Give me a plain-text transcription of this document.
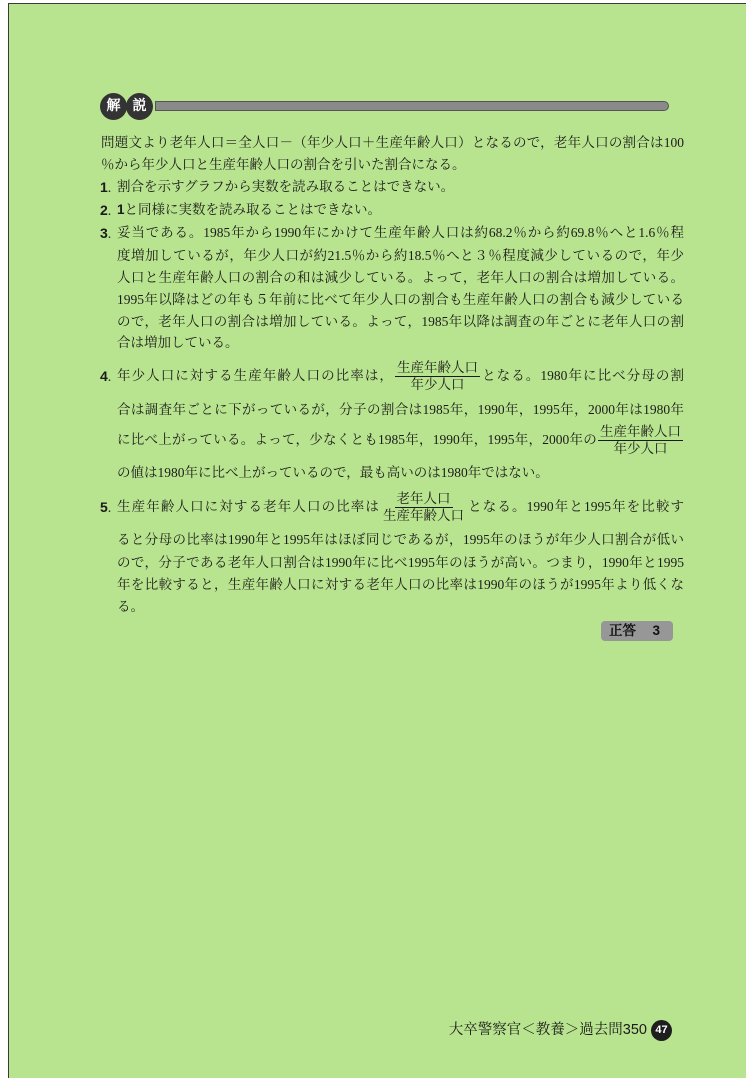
解 説
問題文より老年人口＝全人口－（年少人口＋生産年齢人口）となるので，老年人口の割合は100
％から年少人口と生産年齢人口の割合を引いた割合になる。
1. 割合を示すグラフから実数を読み取ることはできない。
2. 1と同様に実数を読み取ることはできない。
3. 妥当である。1985年から1990年にかけて生産年齢人口は約68.2％から約69.8％へと1.6％程
度増加しているが，年少人口が約21.5％から約18.5％へと３％程度減少しているので，年少
人口と生産年齢人口の割合の和は減少している。よって，老年人口の割合は増加している。
1995年以降はどの年も５年前に比べて年少人口の割合も生産年齢人口の割合も減少している
ので，老年人口の割合は増加している。よって，1985年以降は調査の年ごとに老年人口の割
合は増加している。
4. 年少人口に対する生産年齢人口の比率は， $\frac{\text{生産年齢人口}}{\text{年少人口}}$ となる。1980年に比べ分母の割
合は調査年ごとに下がっているが，分子の割合は1985年，1990年，1995年，2000年は1980年
に比べ上がっている。よって，少なくとも1985年，1990年，1995年，2000年の $\frac{\text{生産年齢人口}}{\text{年少人口}}$
の値は1980年に比べ上がっているので，最も高いのは1980年ではない。
5. 生産年齢人口に対する老年人口の比率は $\frac{\text{老年人口}}{\text{生産年齢人口}}$ となる。1990年と1995年を比較す
ると分母の比率は1990年と1995年はほぼ同じであるが，1995年のほうが年少人口割合が低い
ので，分子である老年人口割合は1990年に比べ1995年のほうが高い。つまり，1990年と1995
年を比較すると，生産年齢人口に対する老年人口の比率は1990年のほうが1995年より低くな
る。
正答 3
大卒警察官＜教養＞過去問350 47
